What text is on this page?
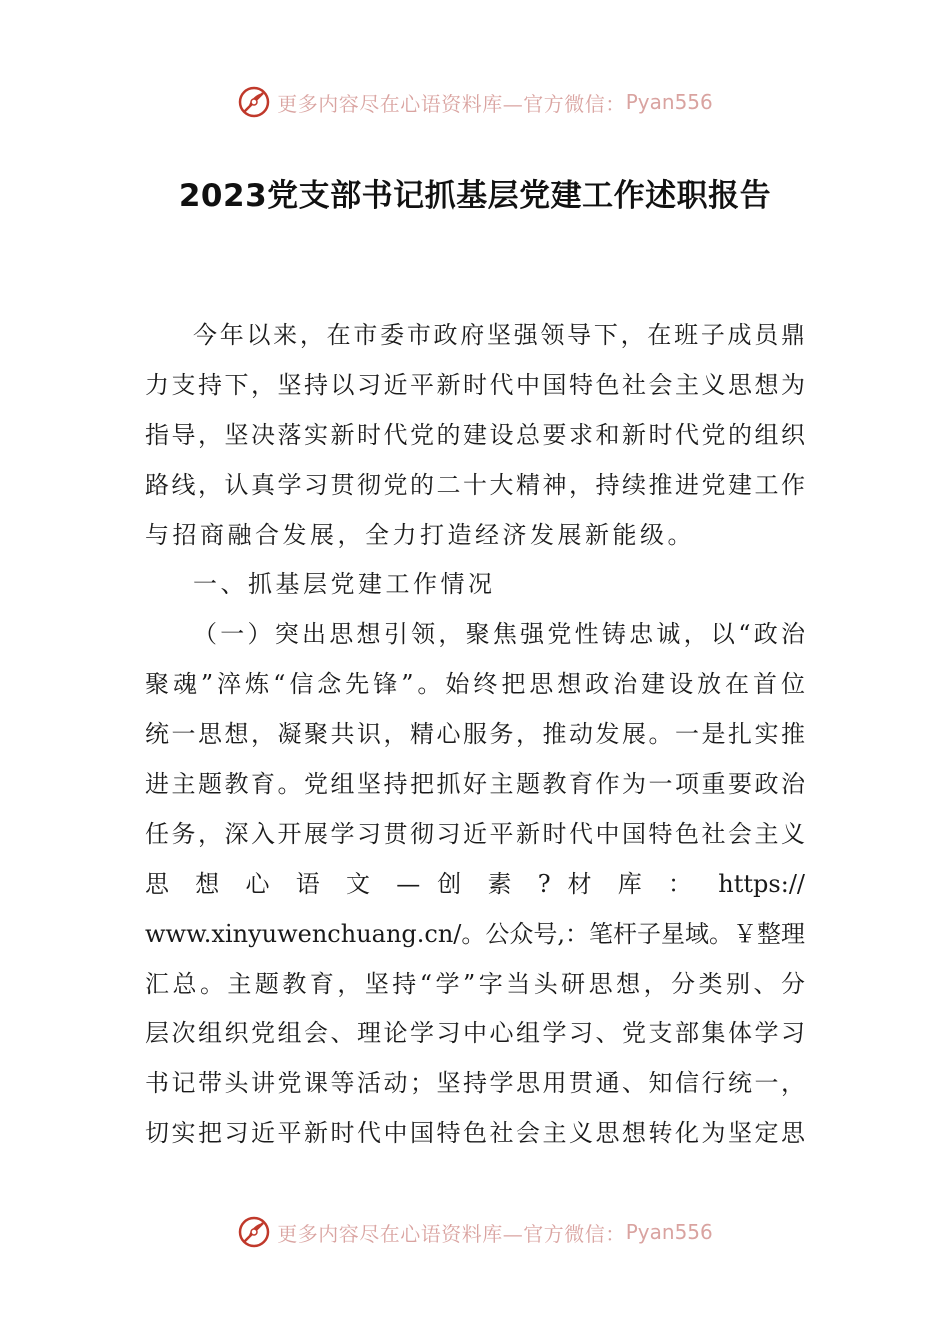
更多内容尽在心语资料库—官方微信： Pyan556
2023党支部书记抓基层党建工作述职报告
今年以来，在市委市政府坚强领导下，在班子成员鼎
力支持下，坚持以习近平新时代中国特色社会主义思想为
指导，坚决落实新时代党的建设总要求和新时代党的组织
路线，认真学习贯彻党的二十大精神，持续推进党建工作
与招商融合发展，全力打造经济发展新能级。
一、抓基层党建工作情况
（一）突出思想引领，聚焦强党性铸忠诚，以“政治
聚魂”淬炼“信念先锋”。始终把思想政治建设放在首位
统一思想，凝聚共识，精心服务，推动发展。一是扎实推
进主题教育。党组坚持把抓好主题教育作为一项重要政治
任务，深入开展学习贯彻习近平新时代中国特色社会主义
思 想 心 语 文 — 创 素 ? 材 库 ： https://
www.xinyuwenchuang.cn/。公众号,：笔杆子星域。￥整理
汇总。主题教育，坚持“学”字当头研思想，分类别、分
层次组织党组会、理论学习中心组学习、党支部集体学习
书记带头讲党课等活动；坚持学思用贯通、知信行统一，
切实把习近平新时代中国特色社会主义思想转化为坚定思
更多内容尽在心语资料库—官方微信： Pyan556
